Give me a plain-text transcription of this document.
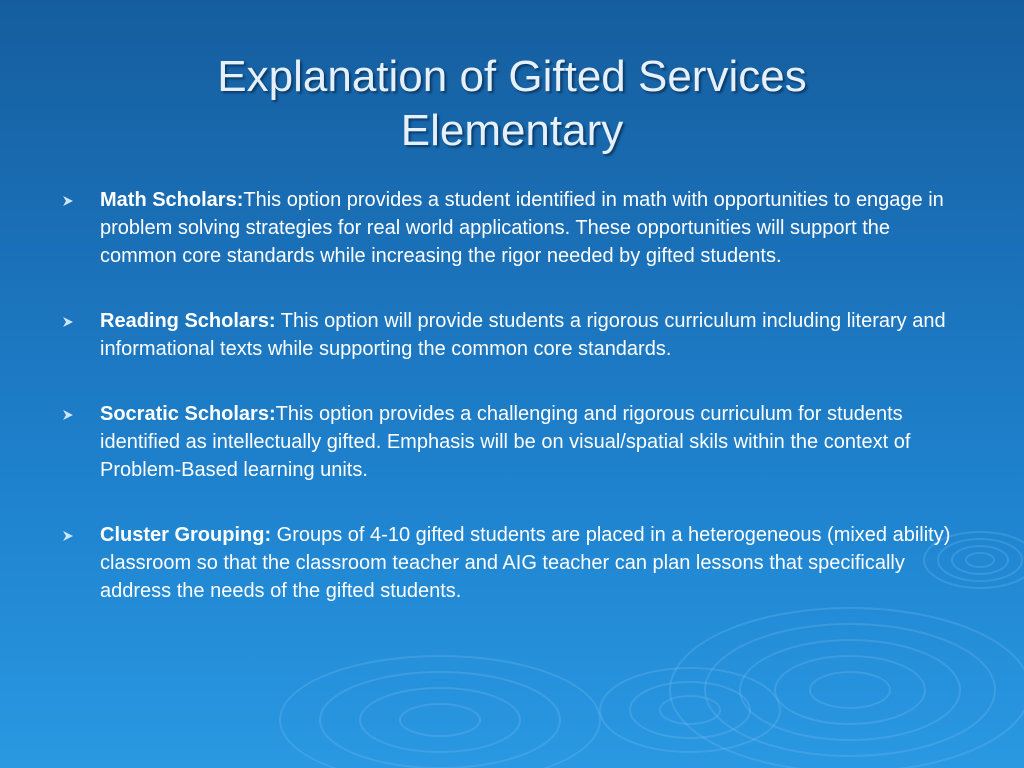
Explanation of Gifted Services
Elementary
Math Scholars:This option provides a student identified in math with opportunities to engage in problem solving strategies for real world applications. These opportunities will support the common core standards while increasing the rigor needed by gifted students.
Reading Scholars: This option will provide students a rigorous curriculum including literary and informational texts while supporting the common core standards.
Socratic Scholars:This option provides a challenging and rigorous curriculum for students identified as intellectually gifted. Emphasis will be on visual/spatial skils within the context of Problem-Based learning units.
Cluster Grouping: Groups of 4-10 gifted students are placed in a heterogeneous (mixed ability) classroom so that the classroom teacher and AIG teacher can plan lessons that specifically address the needs of the gifted students.
